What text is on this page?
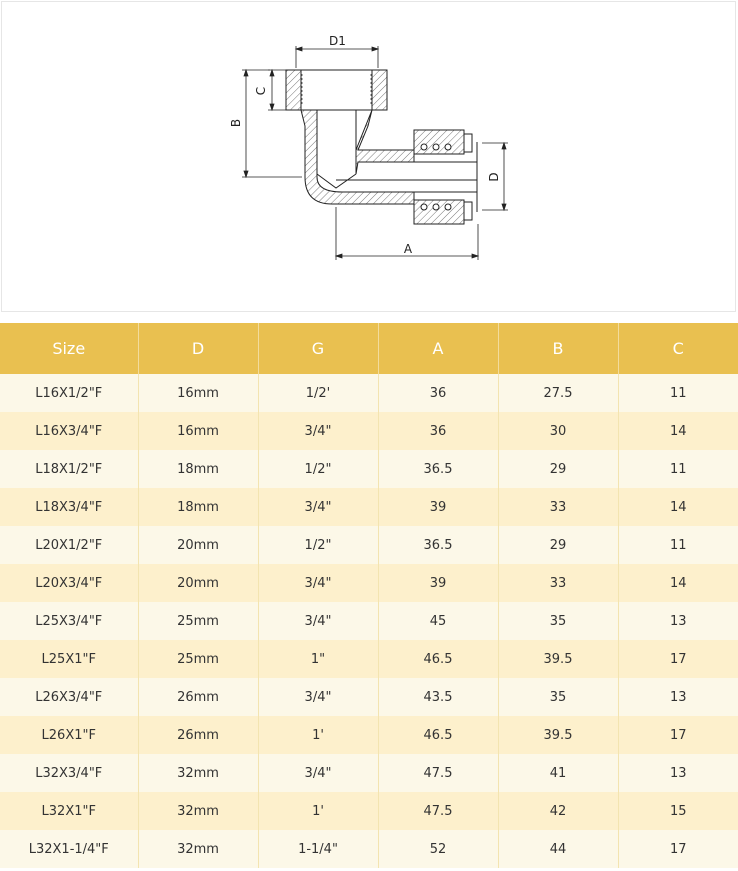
D1
C
B
D
A
Size	D	G	A	B	C
L16X1/2"F	16mm	1/2'	36	27.5	11
L16X3/4"F	16mm	3/4"	36	30	14
L18X1/2"F	18mm	1/2"	36.5	29	11
L18X3/4"F	18mm	3/4"	39	33	14
L20X1/2"F	20mm	1/2"	36.5	29	11
L20X3/4"F	20mm	3/4"	39	33	14
L25X3/4"F	25mm	3/4"	45	35	13
L25X1"F	25mm	1"	46.5	39.5	17
L26X3/4"F	26mm	3/4"	43.5	35	13
L26X1"F	26mm	1'	46.5	39.5	17
L32X3/4"F	32mm	3/4"	47.5	41	13
L32X1"F	32mm	1'	47.5	42	15
L32X1-1/4"F	32mm	1-1/4"	52	44	17
